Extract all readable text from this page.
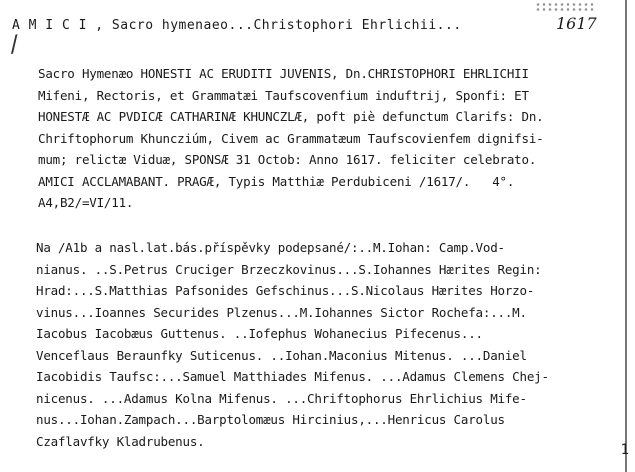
/
A M I C I , Sacro hymenaeo...Christophori Ehrlichii...	1617
Sacro Hymenæo HONESTI AC ERUDITI JUVENIS, Dn.CHRISTOPHORI EHRLICHII
Mifeni, Rectoris, et Grammatæi Taufscovenfium induftrij, Sponfi: ET
HONESTÆ AC PVDICÆ CATHARINÆ KHUNCZLÆ, poft piè defunctum Clarifs: Dn.
Chriftophorum Khuncziúm, Civem ac Grammatæum Taufscovienfem dignifsi-
mum; relictæ Viduæ, SPONSÆ 31 Octob: Anno 1617. feliciter celebrato.
AMICI ACCLAMABANT. PRAGÆ, Typis Matthiæ Perdubiceni /1617/.   4°.
A4,B2/=VI/11.
Na /A1b a nasl.lat.bás.příspěvky podepsané/:..M.Iohan: Camp.Vod-
nianus. ..S.Petrus Cruciger Brzeczkovinus...S.Iohannes Hærites Regin:
Hrad:...S.Matthias Pafsonides Gefschinus...S.Nicolaus Hærites Horzo-
vinus...Ioannes Securides Plzenus...M.Iohannes Sictor Rochefa:...M.
Iacobus Iacobæus Guttenus. ..Iofephus Wohanecius Pifecenus...
Venceflaus Beraunfky Suticenus. ..Iohan.Maconius Mitenus. ...Daniel
Iacobidis Taufsc:...Samuel Matthiades Mifenus. ...Adamus Clemens Chej-
nicenus. ...Adamus Kolna Mifenus. ...Chriftophorus Ehrlichius Mife-
nus...Iohan.Zampach...Barptolomæus Hircinius,...Henricus Carolus
Czaflavfky Kladrubenus.
1
